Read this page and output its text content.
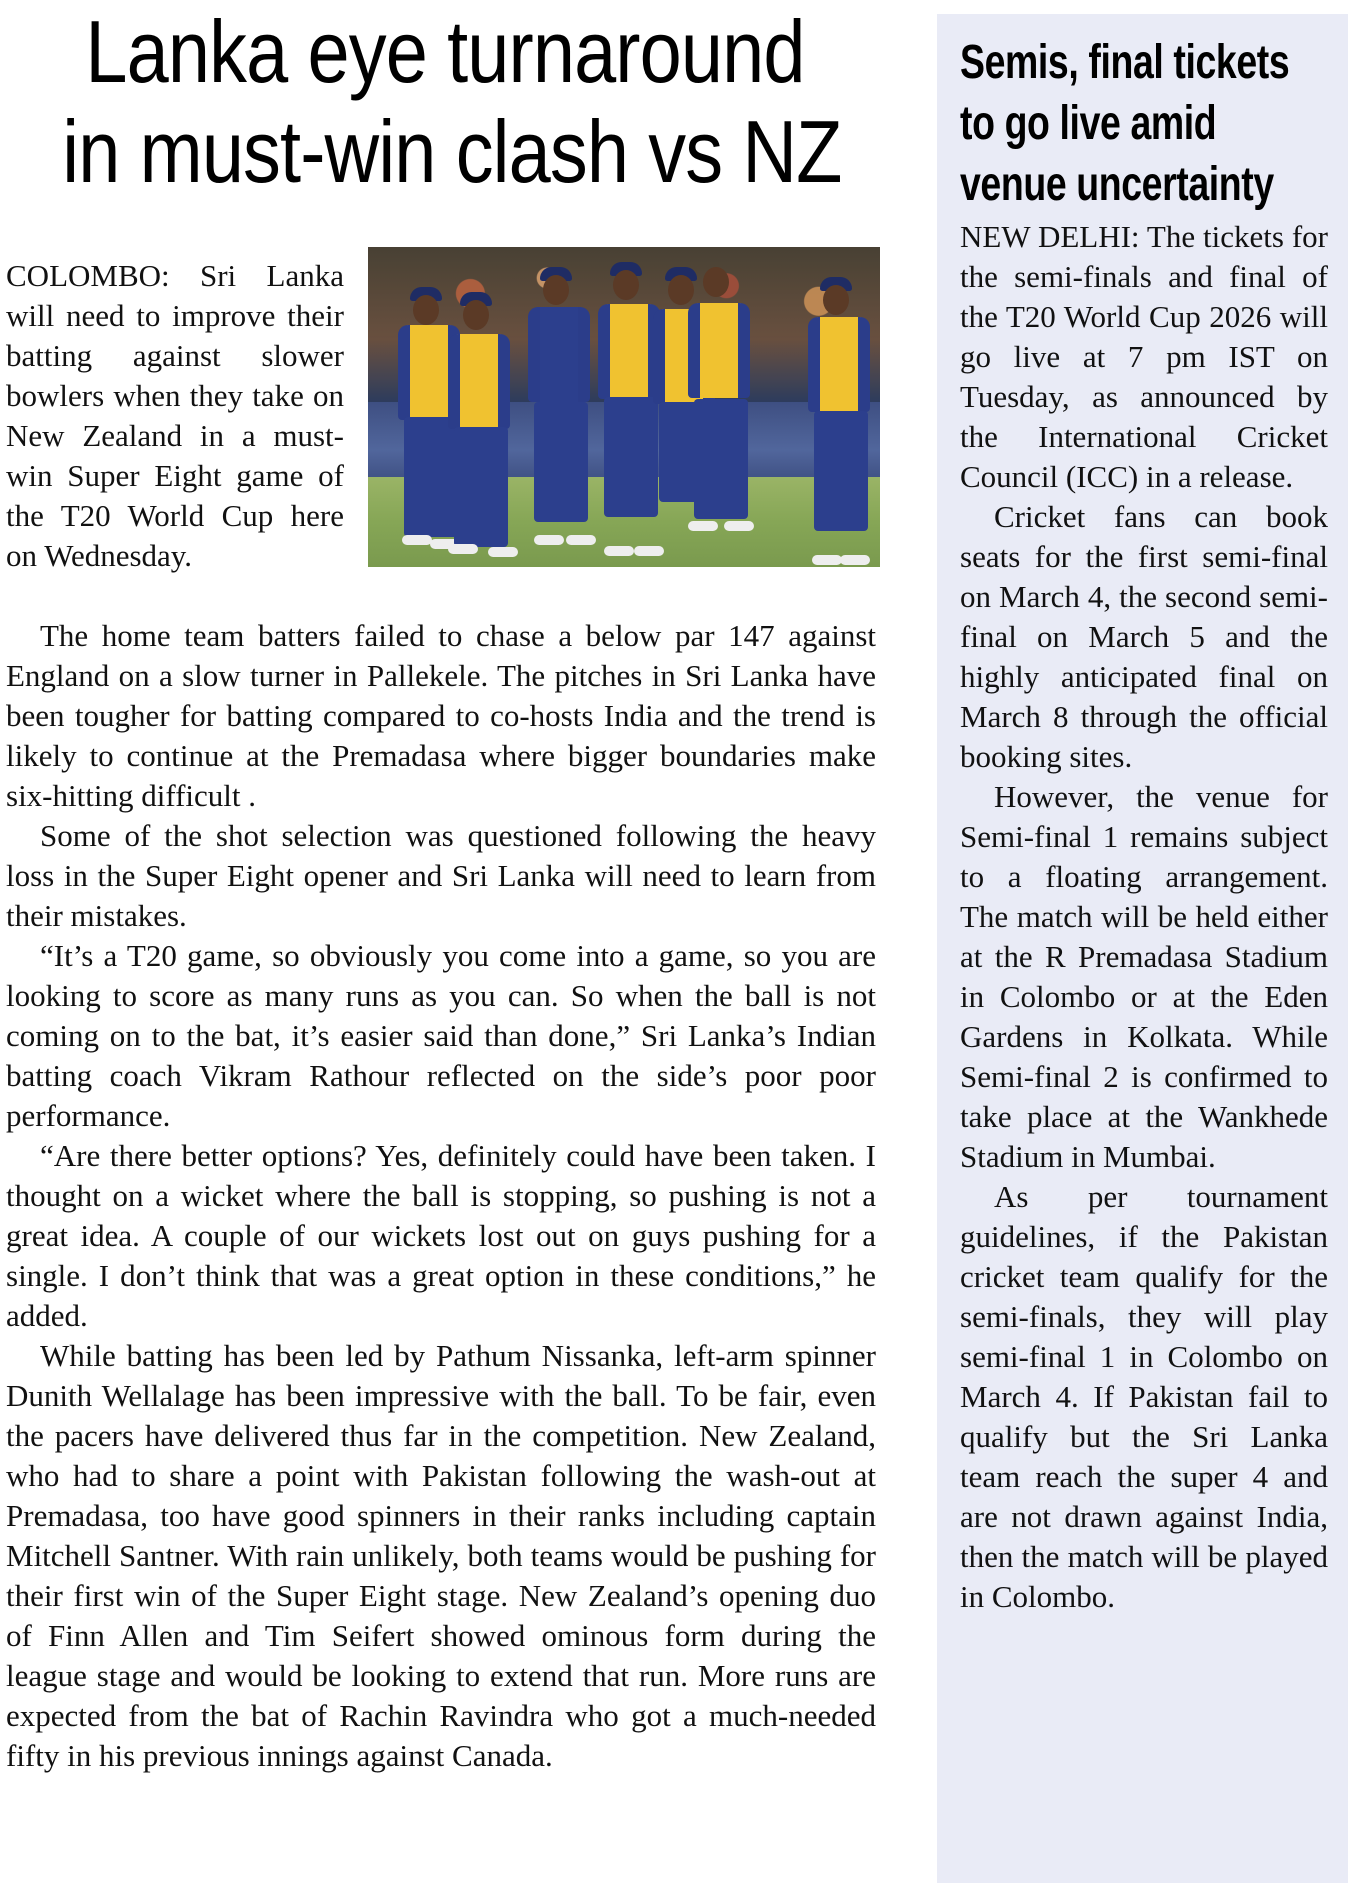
Lanka eye turnaround
in must-win clash vs NZ

COLOMBO: Sri Lanka will need to improve their batting against slower bowlers when they take on New Zealand in a must-win Super Eight game of the T20 World Cup here on Wednesday.

The home team batters failed to chase a below par 147 against England on a slow turner in Pallekele. The pitches in Sri Lanka have been tougher for batting compared to co-hosts India and the trend is likely to continue at the Premadasa where bigger boundaries make six-hitting difficult .

Some of the shot selection was questioned following the heavy loss in the Super Eight opener and Sri Lanka will need to learn from their mistakes.

“It’s a T20 game, so obviously you come into a game, so you are looking to score as many runs as you can. So when the ball is not coming on to the bat, it’s easier said than done,” Sri Lanka’s Indian batting coach Vikram Rathour reflected on the side’s poor poor performance.

“Are there better options? Yes, definitely could have been taken. I thought on a wicket where the ball is stopping, so pushing is not a great idea. A couple of our wickets lost out on guys pushing for a single. I don’t think that was a great option in these conditions,” he added.

While batting has been led by Pathum Nissanka, left-arm spinner Dunith Wellalage has been impressive with the ball. To be fair, even the pacers have delivered thus far in the competition. New Zealand, who had to share a point with Pakistan following the wash-out at Premadasa, too have good spinners in their ranks including captain Mitchell Santner. With rain unlikely, both teams would be pushing for their first win of the Super Eight stage. New Zealand’s opening duo of Finn Allen and Tim Seifert showed ominous form during the league stage and would be looking to extend that run. More runs are expected from the bat of Rachin Ravindra who got a much-needed fifty in his previous innings against Canada.

Semis, final tickets
to go live amid
venue uncertainty

NEW DELHI: The tickets for the semi-finals and final of the T20 World Cup 2026 will go live at 7 pm IST on Tuesday, as announced by the International Cricket Council (ICC) in a release.

Cricket fans can book seats for the first semi-final on March 4, the second semi-final on March 5 and the highly anticipated final on March 8 through the official booking sites.

However, the venue for Semi-final 1 remains subject to a floating arrangement. The match will be held either at the R Premadasa Stadium in Colombo or at the Eden Gardens in Kolkata. While Semi-final 2 is confirmed to take place at the Wankhede Stadium in Mumbai.

As per tournament guidelines, if the Pakistan cricket team qualify for the semi-finals, they will play semi-final 1 in Colombo on March 4. If Pakistan fail to qualify but the Sri Lanka team reach the super 4 and are not drawn against India, then the match will be played in Colombo.
